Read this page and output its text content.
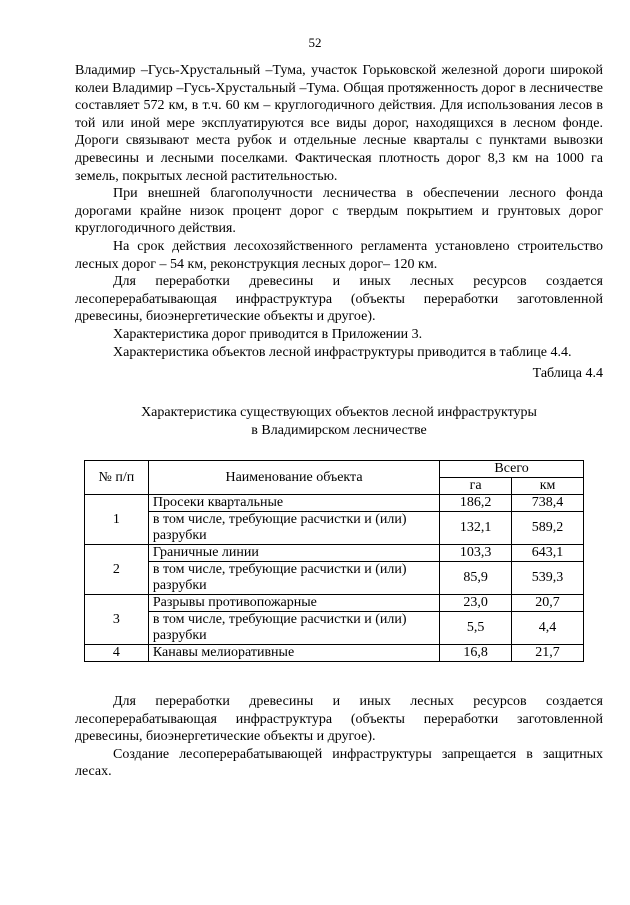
52

Владимир –Гусь-Хрустальный –Тума, участок Горьковской железной дороги широкой колеи Владимир –Гусь-Хрустальный –Тума. Общая протяженность дорог в лесничестве составляет 572 км, в т.ч. 60 км – круглогодичного действия. Для использования лесов в той или иной мере эксплуатируются все виды дорог, находящихся в лесном фонде. Дороги связывают места рубок и отдельные лесные кварталы с пунктами вывозки древесины и лесными поселками. Фактическая плотность дорог 8,3 км на 1000 га земель, покрытых лесной растительностью.

При внешней благополучности лесничества в обеспечении лесного фонда дорогами крайне низок процент дорог с твердым покрытием и грунтовых дорог круглогодичного действия.

На срок действия лесохозяйственного регламента установлено строительство лесных дорог – 54 км, реконструкция лесных дорог– 120 км.

Для переработки древесины и иных лесных ресурсов создается лесоперерабатывающая инфраструктура (объекты переработки заготовленной древесины, биоэнергетические объекты и другое).

Характеристика дорог приводится в Приложении 3.

Характеристика объектов лесной инфраструктуры приводится в таблице 4.4.

Таблица 4.4

Характеристика существующих объектов лесной инфраструктуры
в Владимирском лесничестве
№ п/п	Наименование объекта	Всего	
		га	км
1	Просеки квартальные	186,2	738,4
	в том числе, требующие расчистки и (или) разрубки	132,1	589,2
2	Граничные линии	103,3	643,1
	в том числе, требующие расчистки и (или) разрубки	85,9	539,3
3	Разрывы противопожарные	23,0	20,7
	в том числе, требующие расчистки и (или) разрубки	5,5	4,4
4	Канавы мелиоративные	16,8	21,7

Для переработки древесины и иных лесных ресурсов создается лесоперерабатывающая инфраструктура (объекты переработки заготовленной древесины, биоэнергетические объекты и другое).

Создание лесоперерабатывающей инфраструктуры запрещается в защитных лесах.
